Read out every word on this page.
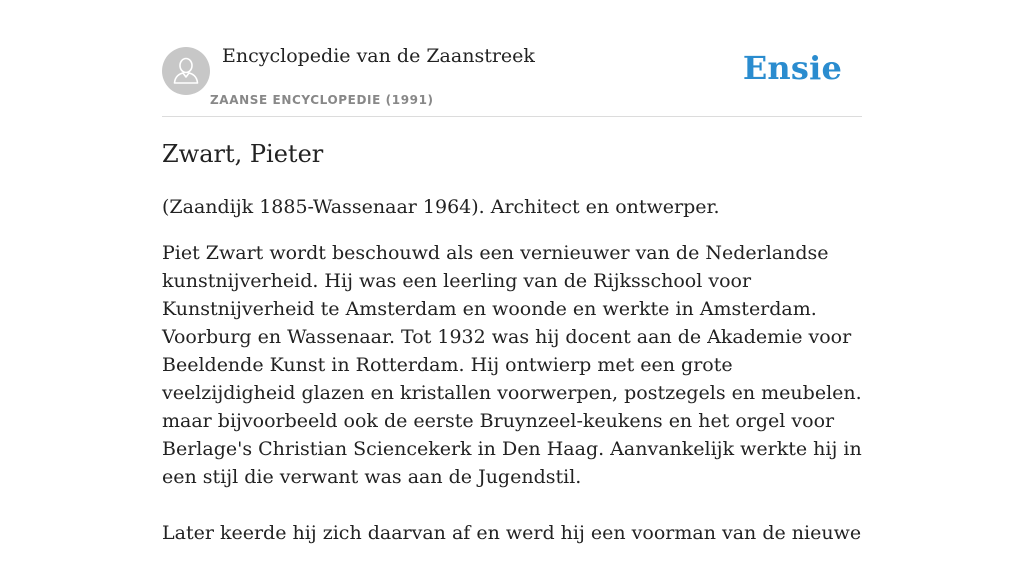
Encyclopedie van de Zaanstreek
ZAANSE ENCYCLOPEDIE (1991)
Ensie
Zwart, Pieter

(Zaandijk 1885-Wassenaar 1964). Architect en ontwerper.

Piet Zwart wordt beschouwd als een vernieuwer van de Nederlandse kunstnijverheid. Hij was een leerling van de Rijksschool voor Kunstnijverheid te Amsterdam en woonde en werkte in Amsterdam. Voorburg en Wassenaar. Tot 1932 was hij docent aan de Akademie voor Beeldende Kunst in Rotterdam. Hij ontwierp met een grote veelzijdigheid glazen en kristallen voorwerpen, postzegels en meubelen. maar bijvoorbeeld ook de eerste Bruynzeel-keukens en het orgel voor Berlage's Christian Sciencekerk in Den Haag. Aanvankelijk werkte hij in een stijl die verwant was aan de Jugendstil.

Later keerde hij zich daarvan af en werd hij een voorman van de nieuwe
